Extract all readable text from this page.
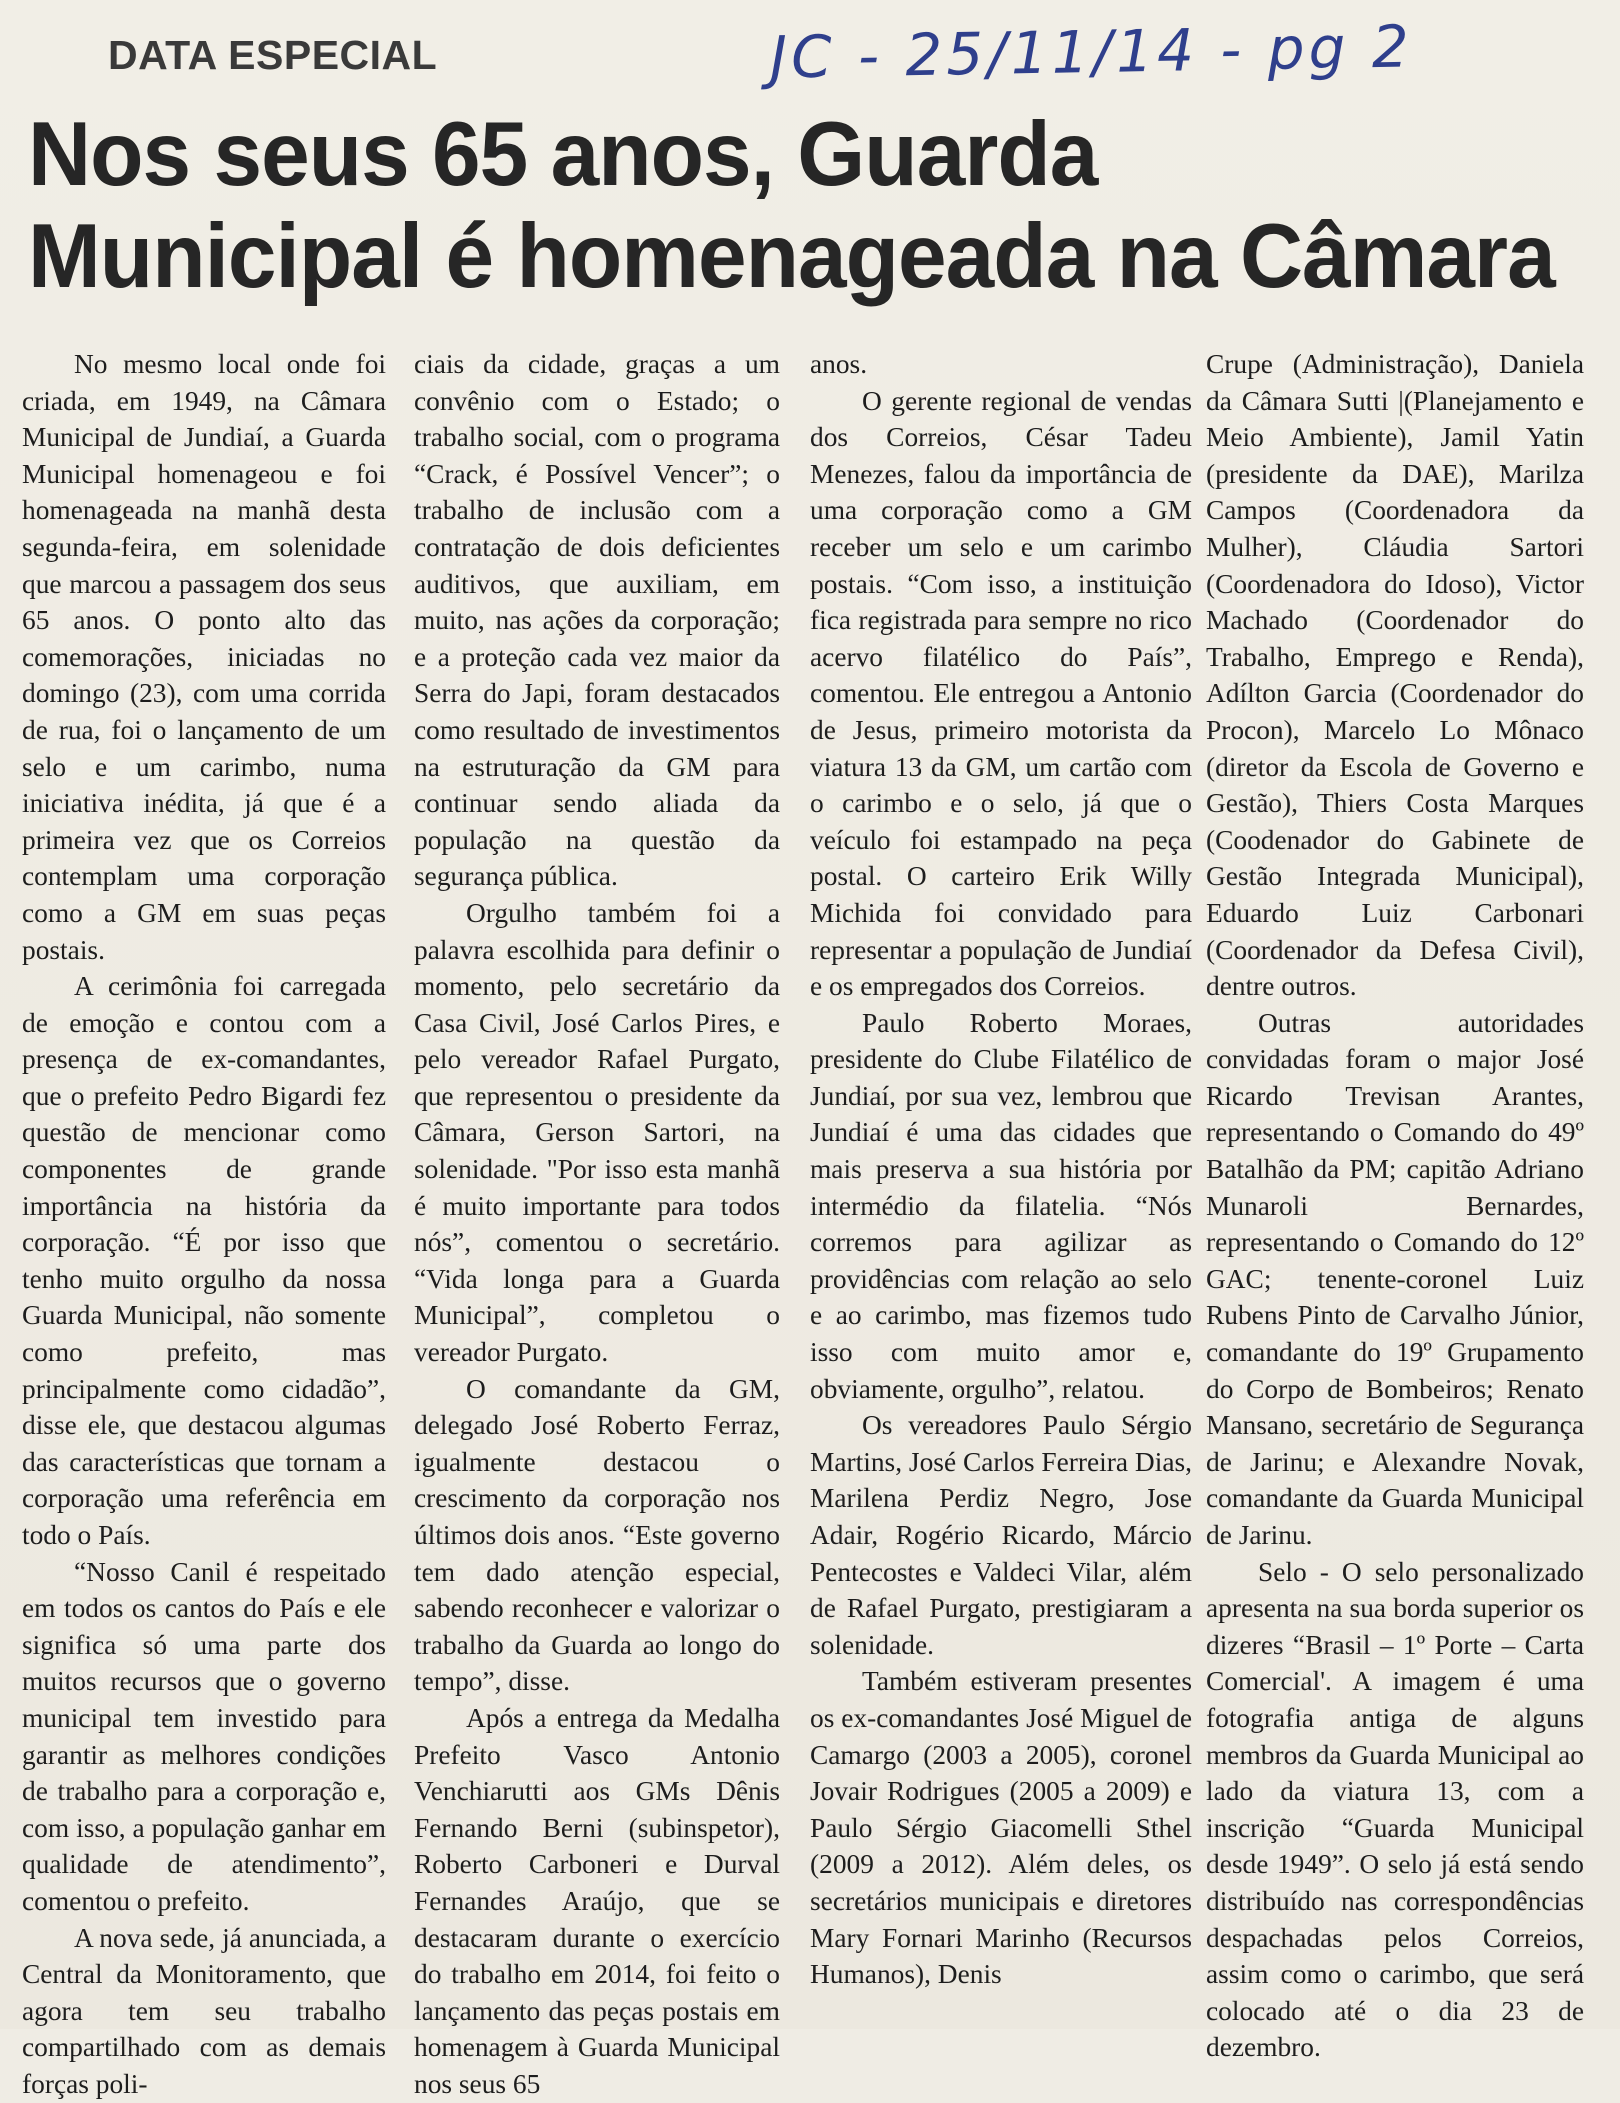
DATA ESPECIAL	JC - 25/11/14 - pg 2
Nos seus 65 anos, Guarda
Municipal é homenageada na Câmara

No mesmo local onde foi criada, em 1949, na Câmara Municipal de Jundiaí, a Guarda Municipal homenageou e foi homenageada na manhã desta segunda-feira, em solenidade que marcou a passagem dos seus 65 anos. O ponto alto das comemorações, iniciadas no domingo (23), com uma corrida de rua, foi o lançamento de um selo e um carimbo, numa iniciativa inédita, já que é a primeira vez que os Correios contemplam uma corporação como a GM em suas peças postais.

A cerimônia foi carregada de emoção e contou com a presença de ex-comandantes, que o prefeito Pedro Bigardi fez questão de mencionar como componentes de grande importância na história da corporação. “É por isso que tenho muito orgulho da nossa Guarda Municipal, não somente como prefeito, mas principalmente como cidadão”, disse ele, que destacou algumas das características que tornam a corporação uma referência em todo o País.

“Nosso Canil é respeitado em todos os cantos do País e ele significa só uma parte dos muitos recursos que o governo municipal tem investido para garantir as melhores condições de trabalho para a corporação e, com isso, a população ganhar em qualidade de atendimento”, comentou o prefeito.

A nova sede, já anunciada, a Central da Monitoramento, que agora tem seu trabalho compartilhado com as demais forças poli-

ciais da cidade, graças a um convênio com o Estado; o trabalho social, com o programa “Crack, é Possível Vencer”; o trabalho de inclusão com a contratação de dois deficientes auditivos, que auxiliam, em muito, nas ações da corporação; e a proteção cada vez maior da Serra do Japi, foram destacados como resultado de investimentos na estruturação da GM para continuar sendo aliada da população na questão da segurança pública.

Orgulho também foi a palavra escolhida para definir o momento, pelo secretário da Casa Civil, José Carlos Pires, e pelo vereador Rafael Purgato, que representou o presidente da Câmara, Gerson Sartori, na solenidade. "Por isso esta manhã é muito importante para todos nós”, comentou o secretário. “Vida longa para a Guarda Municipal”, completou o vereador Purgato.

O comandante da GM, delegado José Roberto Ferraz, igualmente destacou o crescimento da corporação nos últimos dois anos. “Este governo tem dado atenção especial, sabendo reconhecer e valorizar o trabalho da Guarda ao longo do tempo”, disse.

Após a entrega da Medalha Prefeito Vasco Antonio Venchiarutti aos GMs Dênis Fernando Berni (subinspetor), Roberto Carboneri e Durval Fernandes Araújo, que se destacaram durante o exercício do trabalho em 2014, foi feito o lançamento das peças postais em homenagem à Guarda Municipal nos seus 65

anos.

O gerente regional de vendas dos Correios, César Tadeu Menezes, falou da importância de uma corporação como a GM receber um selo e um carimbo postais. “Com isso, a instituição fica registrada para sempre no rico acervo filatélico do País”, comentou. Ele entregou a Antonio de Jesus, primeiro motorista da viatura 13 da GM, um cartão com o carimbo e o selo, já que o veículo foi estampado na peça postal. O carteiro Erik Willy Michida foi convidado para representar a população de Jundiaí e os empregados dos Correios.

Paulo Roberto Moraes, presidente do Clube Filatélico de Jundiaí, por sua vez, lembrou que Jundiaí é uma das cidades que mais preserva a sua história por intermédio da filatelia. “Nós corremos para agilizar as providências com relação ao selo e ao carimbo, mas fizemos tudo isso com muito amor e, obviamente, orgulho”, relatou.

Os vereadores Paulo Sérgio Martins, José Carlos Ferreira Dias, Marilena Perdiz Negro, Jose Adair, Rogério Ricardo, Márcio Pentecostes e Valdeci Vilar, além de Rafael Purgato, prestigiaram a solenidade.

Também estiveram presentes os ex-comandantes José Miguel de Camargo (2003 a 2005), coronel Jovair Rodrigues (2005 a 2009) e Paulo Sérgio Giacomelli Sthel (2009 a 2012). Além deles, os secretários municipais e diretores Mary Fornari Marinho (Recursos Humanos), Denis

Crupe (Administração), Daniela da Câmara Sutti |(Planejamento e Meio Ambiente), Jamil Yatin (presidente da DAE), Marilza Campos (Coordenadora da Mulher), Cláudia Sartori (Coordenadora do Idoso), Victor Machado (Coordenador do Trabalho, Emprego e Renda), Adílton Garcia (Coordenador do Procon), Marcelo Lo Mônaco (diretor da Escola de Governo e Gestão), Thiers Costa Marques (Coodenador do Gabinete de Gestão Integrada Municipal), Eduardo Luiz Carbonari (Coordenador da Defesa Civil), dentre outros.

Outras autoridades convidadas foram o major José Ricardo Trevisan Arantes, representando o Comando do 49º Batalhão da PM; capitão Adriano Munaroli Bernardes, representando o Comando do 12º GAC; tenente-coronel Luiz Rubens Pinto de Carvalho Júnior, comandante do 19º Grupamento do Corpo de Bombeiros; Renato Mansano, secretário de Segurança de Jarinu; e Alexandre Novak, comandante da Guarda Municipal de Jarinu.

Selo - O selo personalizado apresenta na sua borda superior os dizeres “Brasil – 1º Porte – Carta Comercial'. A imagem é uma fotografia antiga de alguns membros da Guarda Municipal ao lado da viatura 13, com a inscrição “Guarda Municipal desde 1949”. O selo já está sendo distribuído nas correspondências despachadas pelos Correios, assim como o carimbo, que será colocado até o dia 23 de dezembro.
